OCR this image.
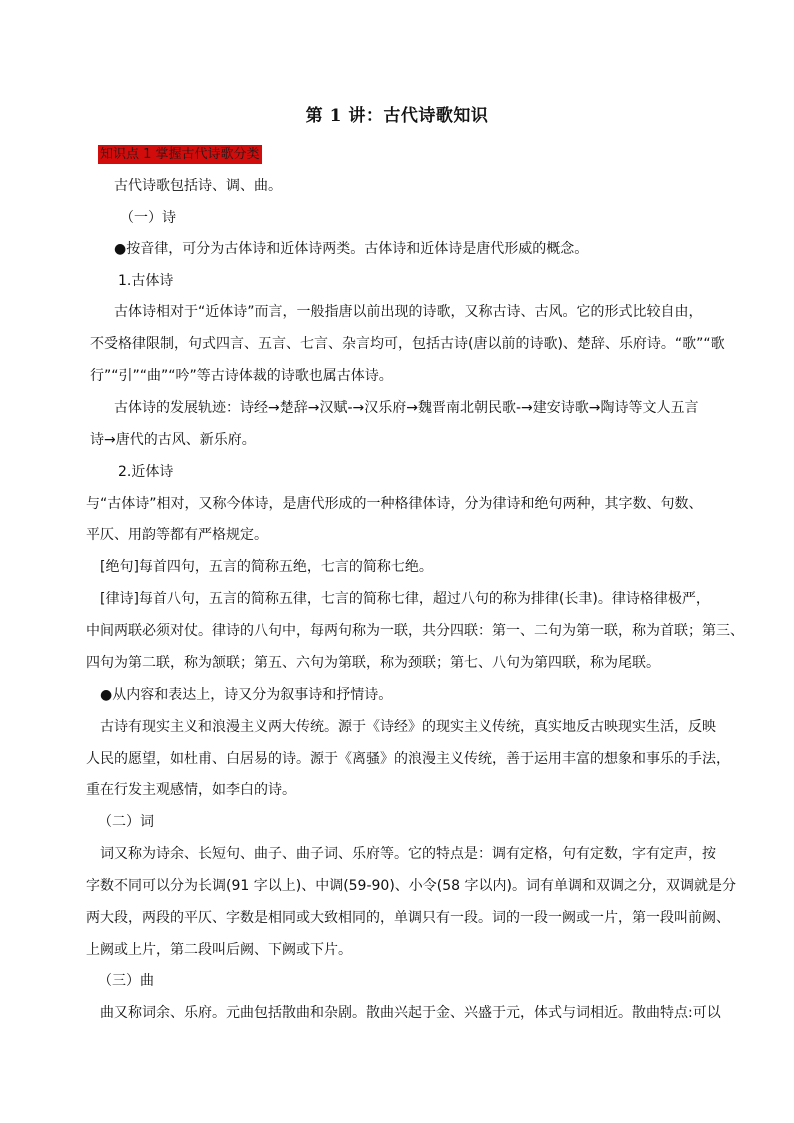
第 1 讲：古代诗歌知识
知识点 1 掌握古代诗歌分类
古代诗歌包括诗、调、曲。
（一）诗
●按音律，可分为古体诗和近体诗两类。古体诗和近体诗是唐代形威的概念。
1.古体诗
古体诗相对于“近体诗”而言，一般指唐以前出现的诗歌，又称古诗、古风。它的形式比较自由，
不受格律限制，句式四言、五言、七言、杂言均可，包括古诗(唐以前的诗歌)、楚辞、乐府诗。“歌”“歌
行”“引”“曲”“吟”等古诗体裁的诗歌也属古体诗。
古体诗的发展轨迹：诗经→楚辞→汉赋-→汉乐府→魏晋南北朝民歌-→建安诗歌→陶诗等文人五言
诗→唐代的古风、新乐府。
2.近体诗
与“古体诗”相对，又称今体诗，是唐代形成的一种格律体诗，分为律诗和绝句两种，其字数、句数、
平仄、用韵等都有严格规定。
[绝句]每首四句，五言的简称五绝，七言的简称七绝。
[律诗]每首八句，五言的简称五律，七言的简称七律，超过八句的称为排律(长聿)。律诗格律极严，
中间两联必须对仗。律诗的八句中，每两句称为一联，共分四联：第一、二句为第一联，称为首联；第三、
四句为第二联，称为颔联；第五、六句为第联，称为颈联；第七、八句为第四联，称为尾联。
●从内容和表达上，诗又分为叙事诗和抒情诗。
古诗有现实主义和浪漫主义两大传统。源于《诗经》的现实主义传统，真实地反古映现实生活，反映
人民的愿望，如杜甫、白居易的诗。源于《离骚》的浪漫主义传统，善于运用丰富的想象和事乐的手法，
重在行发主观感情，如李白的诗。
（二）词
词又称为诗余、长短句、曲子、曲子词、乐府等。它的特点是：调有定格，句有定数，字有定声，按
字数不同可以分为长调(91 字以上)、中调(59-90)、小令(58 字以内)。词有单调和双调之分，双调就是分
两大段，两段的平仄、字数是相同或大致相同的，单调只有一段。词的一段一阙或一片，第一段叫前阙、
上阙或上片，第二段叫后阙、下阙或下片。
（三）曲
曲又称词余、乐府。元曲包括散曲和杂剧。散曲兴起于金、兴盛于元，体式与词相近。散曲特点:可以
